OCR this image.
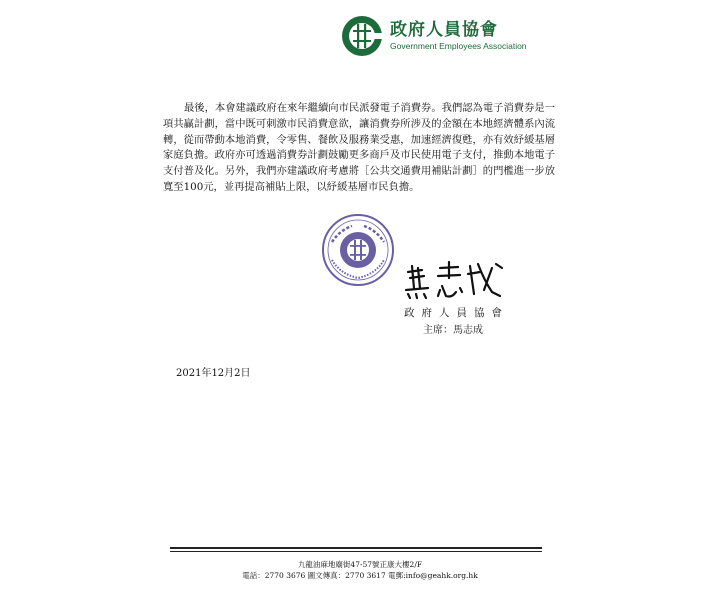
政府人員協會
Government Employees Association

最後，本會建議政府在來年繼續向市民派發電子消費券。我們認為電子消費券是一項共贏計劃，當中既可刺激市民消費意欲，讓消費券所涉及的金額在本地經濟體系內流轉，從而帶動本地消費，令零售、餐飲及服務業受惠，加速經濟復甦，亦有效紓緩基層家庭負擔。政府亦可透過消費券計劃鼓勵更多商戶及市民使用電子支付，推動本地電子支付普及化。另外，我們亦建議政府考慮將［公共交通費用補貼計劃］的門檻進一步放寬至100元，並再提高補貼上限，以紓緩基層市民負擔。

政府人員協會
主席：馬志成
2021年12月2日
九龍油麻地廟街47-57號正康大樓2/F
電話：2770 3676 圖文傳真：2770 3617 電郵:info@geahk.org.hk
